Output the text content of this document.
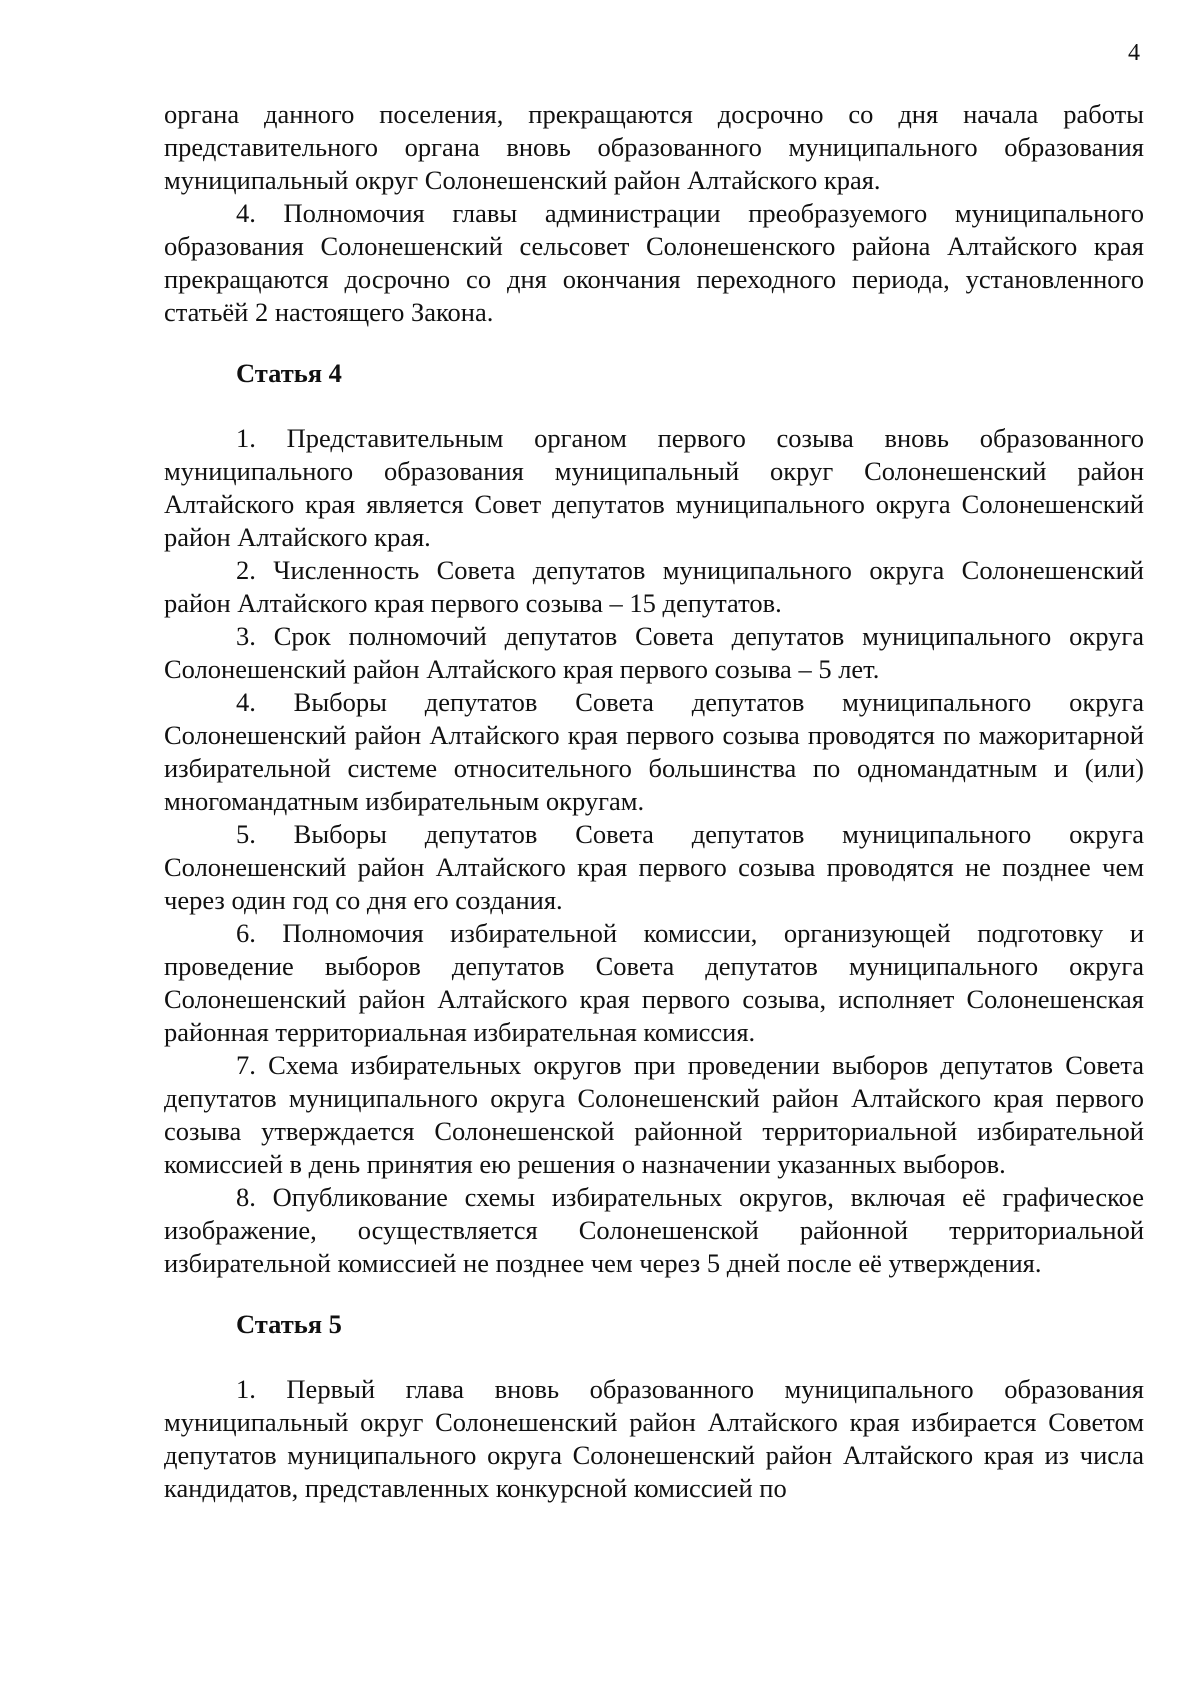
4

органа данного поселения, прекращаются досрочно со дня начала работы представительного органа вновь образованного муниципального образования муниципальный округ Солонешенский район Алтайского края.

4. Полномочия главы администрации преобразуемого муниципального образования Солонешенский сельсовет Солонешенского района Алтайского края прекращаются досрочно со дня окончания переходного периода, установленного статьёй 2 настоящего Закона.

Статья 4

1. Представительным органом первого созыва вновь образованного муниципального образования муниципальный округ Солонешенский район Алтайского края является Совет депутатов муниципального округа Солонешенский район Алтайского края.

2. Численность Совета депутатов муниципального округа Солонешенский район Алтайского края первого созыва – 15 депутатов.

3. Срок полномочий депутатов Совета депутатов муниципального округа Солонешенский район Алтайского края первого созыва – 5 лет.

4. Выборы депутатов Совета депутатов муниципального округа Солонешенский район Алтайского края первого созыва проводятся по мажоритарной избирательной системе относительного большинства по одномандатным и (или) многомандатным избирательным округам.

5. Выборы депутатов Совета депутатов муниципального округа Солонешенский район Алтайского края первого созыва проводятся не позднее чем через один год со дня его создания.

6. Полномочия избирательной комиссии, организующей подготовку и проведение выборов депутатов Совета депутатов муниципального округа Солонешенский район Алтайского края первого созыва, исполняет Солонешенская районная территориальная избирательная комиссия.

7. Схема избирательных округов при проведении выборов депутатов Совета депутатов муниципального округа Солонешенский район Алтайского края первого созыва утверждается Солонешенской районной территориальной избирательной комиссией в день принятия ею решения о назначении указанных выборов.

8. Опубликование схемы избирательных округов, включая её графическое изображение, осуществляется Солонешенской районной территориальной избирательной комиссией не позднее чем через 5 дней после её утверждения.

Статья 5

1. Первый глава вновь образованного муниципального образования муниципальный округ Солонешенский район Алтайского края избирается Советом депутатов муниципального округа Солонешенский район Алтайского края из числа кандидатов, представленных конкурсной комиссией по
